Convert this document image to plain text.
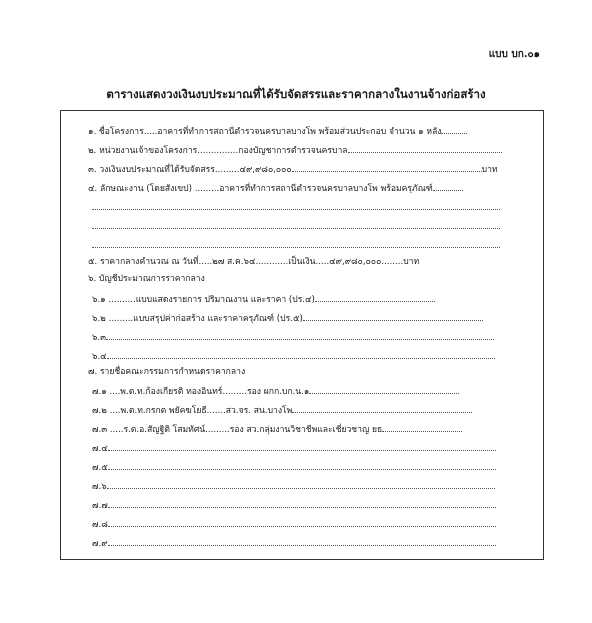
แบบ บก.๐๑
ตารางแสดงวงเงินงบประมาณที่ได้รับจัดสรรและราคากลางในงานจ้างก่อสร้าง
๑. ชื่อโครงการ.....อาคารที่ทำการสถานีตำรวจนครบาลบางโพ พร้อมส่วนประกอบ จำนวน ๑ หลัง
๒. หน่วยงานเจ้าของโครงการ...............กองบัญชาการตำรวจนครบาล
๓. วงเงินงบประมาณที่ได้รับจัดสรร.........๔๙,๙๘๐,๐๐๐	บาท
๔. ลักษณะงาน (โดยสังเขป) .........อาคารที่ทำการสถานีตำรวจนครบาลบางโพ พร้อมครุภัณฑ์
๕. ราคากลางคำนวณ ณ วันที่.....๒๗ ส.ค.๖๔............เป็นเงิน.....๔๙,๙๘๐,๐๐๐........บาท
๖. บัญชีประมาณการราคากลาง
๖.๑ ..........แบบแสดงรายการ ปริมาณงาน และราคา (ปร.๔)
๖.๒ .........แบบสรุปค่าก่อสร้าง และราคาครุภัณฑ์ (ปร.๕)
๖.๓
๖.๔
๗. รายชื่อคณะกรรมการกำหนดราคากลาง
๗.๑ ....พ.ต.ท.ก้องเกียรติ ทองอินทร์.........รอง ผกก.บก.น.๑
๗.๒ ....พ.ต.ท.กรกต พยัคฆโยธี.......สว.จร. สน.บางโพ
๗.๓ .....ร.ต.อ.สัญฐิติ โสมทัศน์.........รอง สว.กลุ่มงานวิชาชีพและเชี่ยวชาญ ยธ
๗.๔
๗.๕
๗.๖
๗.๗
๗.๘
๗.๙
